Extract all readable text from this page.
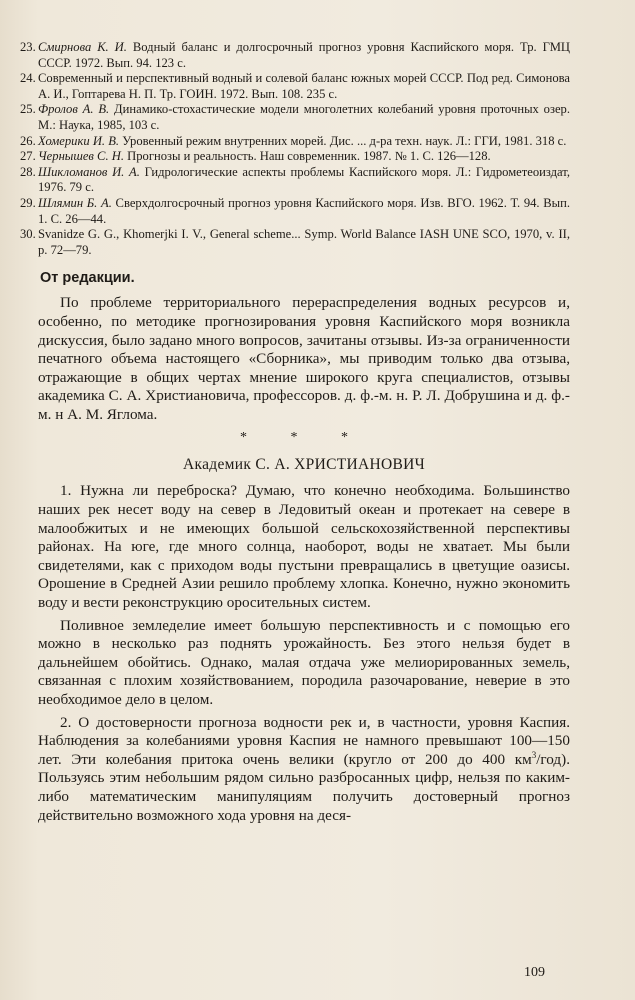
23. Смирнова К. И. Водный баланс и долгосрочный прогноз уровня Каспийского моря. Тр. ГМЦ СССР. 1972. Вып. 94. 123 с.

24. Современный и перспективный водный и солевой баланс южных морей СССР. Под ред. Симонова А. И., Гоптарева Н. П. Тр. ГОИН. 1972. Вып. 108. 235 с.

25. Фролов А. В. Динамико-стохастические модели многолетних колебаний уровня проточных озер. М.: Наука, 1985, 103 с.

26. Хомерики И. В. Уровенный режим внутренних морей. Дис. ... д-ра техн. наук. Л.: ГГИ, 1981. 318 с.

27. Чернышев С. Н. Прогнозы и реальность. Наш современник. 1987. № 1. С. 126—128.

28. Шикломанов И. А. Гидрологические аспекты проблемы Каспийского моря. Л.: Гидрометеоиздат, 1976. 79 с.

29. Шлямин Б. А. Сверхдолгосрочный прогноз уровня Каспийского моря. Изв. ВГО. 1962. Т. 94. Вып. 1. С. 26—44.

30. Svanidze G. G., Khomerjki I. V., General scheme... Symp. World Balance IASH UNE SCO, 1970, v. II, p. 72—79.

От редакции.

По проблеме территориального перераспределения водных ресурсов и, особенно, по методике прогнозирования уровня Каспийского моря возникла дискуссия, было задано много вопросов, зачитаны отзывы. Из-за ограниченности печатного объема настоящего «Сборника», мы приводим только два отзыва, отражающие в общих чертах мнение широкого круга специалистов, отзывы академика С. А. Христиановича, профессоров. д. ф.-м. н. Р. Л. Добрушина и д. ф.-м. н А. М. Яглома.

* * *
Академик С. А. ХРИСТИАНОВИЧ

1. Нужна ли переброска? Думаю, что конечно необходима. Большинство наших рек несет воду на север в Ледовитый океан и протекает на севере в малообжитых и не имеющих большой сельскохозяйственной перспективы районах. На юге, где много солнца, наоборот, воды не хватает. Мы были свидетелями, как с приходом воды пустыни превращались в цветущие оазисы. Орошение в Средней Азии решило проблему хлопка. Конечно, нужно экономить воду и вести реконструкцию оросительных систем.

Поливное земледелие имеет большую перспективность и с помощью его можно в несколько раз поднять урожайность. Без этого нельзя будет в дальнейшем обойтись. Однако, малая отдача уже мелиорированных земель, связанная с плохим хозяйствованием, породила разочарование, неверие в это необходимое дело в целом.

2. О достоверности прогноза водности рек и, в частности, уровня Каспия. Наблюдения за колебаниями уровня Каспия не намного превышают 100—150 лет. Эти колебания притока очень велики (кругло от 200 до 400 $км^3/год$). Пользуясь этим небольшим рядом сильно разбросанных цифр, нельзя по каким-либо математическим манипуляциям получить достоверный прогноз действительно возможного хода уровня на деся-

109
